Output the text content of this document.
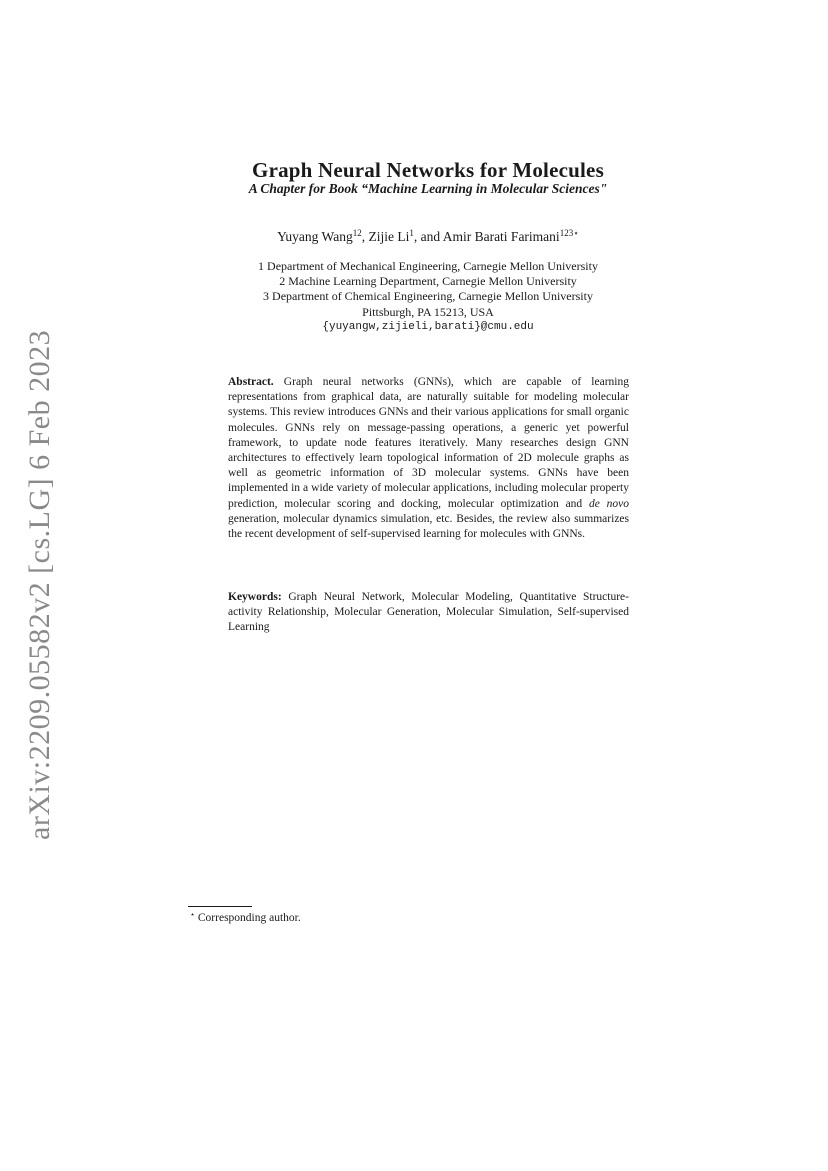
arXiv:2209.05582v2 [cs.LG] 6 Feb 2023
Graph Neural Networks for Molecules
A Chapter for Book “Machine Learning in Molecular Sciences"
Yuyang Wang$^{12}$, Zijie Li$^1$, and Amir Barati Farimani$^{123⋆}$
1 Department of Mechanical Engineering, Carnegie Mellon University
2 Machine Learning Department, Carnegie Mellon University
3 Department of Chemical Engineering, Carnegie Mellon University
Pittsburgh, PA 15213, USA
{yuyangw,zijieli,barati}@cmu.edu

Abstract. Graph neural networks (GNNs), which are capable of learning representations from graphical data, are naturally suitable for modeling molecular systems. This review introduces GNNs and their various applications for small organic molecules. GNNs rely on message-passing operations, a generic yet powerful framework, to update node features iteratively. Many researches design GNN architectures to effectively learn topological information of 2D molecule graphs as well as geometric information of 3D molecular systems. GNNs have been implemented in a wide variety of molecular applications, including molecular property prediction, molecular scoring and docking, molecular optimization and de novo generation, molecular dynamics simulation, etc. Besides, the review also summarizes the recent development of self-supervised learning for molecules with GNNs.

Keywords: Graph Neural Network, Molecular Modeling, Quantitative Structure-activity Relationship, Molecular Generation, Molecular Simulation, Self-supervised Learning

⋆ Corresponding author.
